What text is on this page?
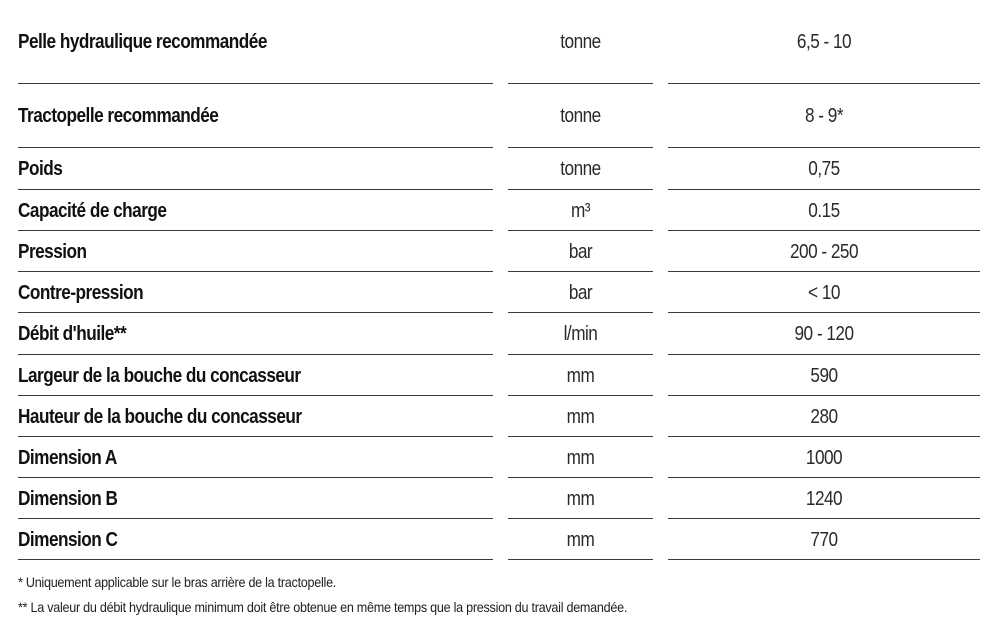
Pelle hydraulique recommandée	tonne	6,5 - 10
Tractopelle recommandée	tonne	8 - 9*
Poids	tonne	0,75
Capacité de charge	m³	0.15
Pression	bar	200 - 250
Contre-pression	bar	< 10
Débit d'huile**	l/min	90 - 120
Largeur de la bouche du concasseur	mm	590
Hauteur de la bouche du concasseur	mm	280
Dimension A	mm	1000
Dimension B	mm	1240
Dimension C	mm	770
* Uniquement applicable sur le bras arrière de la tractopelle.
** La valeur du débit hydraulique minimum doit être obtenue en même temps que la pression du travail demandée.
